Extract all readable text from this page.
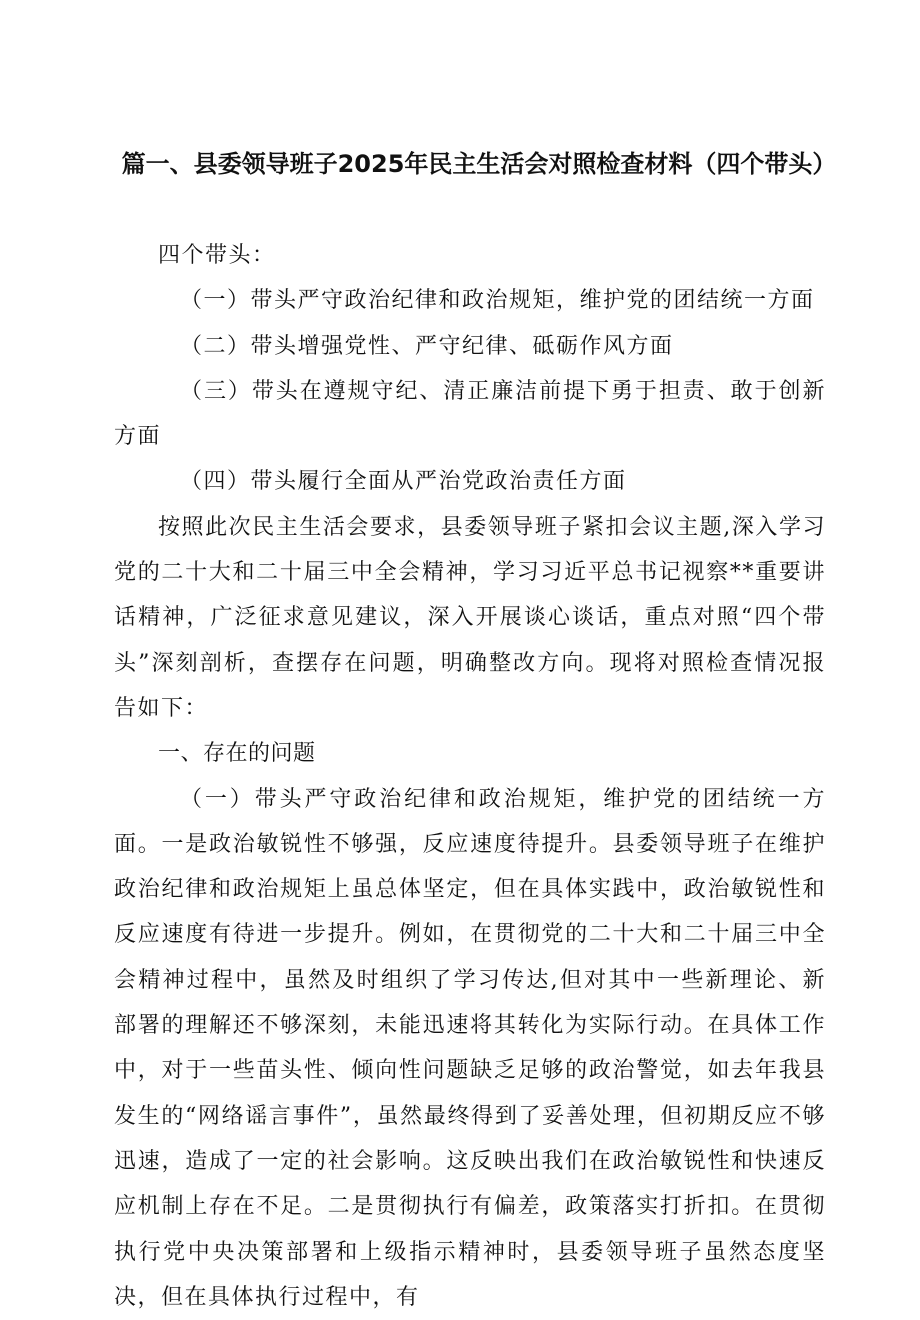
篇一、县委领导班子2025年民主生活会对照检查材料（四个带头）

四个带头：

（一）带头严守政治纪律和政治规矩，维护党的团结统一方面

（二）带头增强党性、严守纪律、砥砺作风方面

（三）带头在遵规守纪、清正廉洁前提下勇于担责、敢于创新方面

（四）带头履行全面从严治党政治责任方面

按照此次民主生活会要求，县委领导班子紧扣会议主题,深入学习党的二十大和二十届三中全会精神，学习习近平总书记视察**重要讲话精神，广泛征求意见建议，深入开展谈心谈话，重点对照“四个带头”深刻剖析，查摆存在问题，明确整改方向。现将对照检查情况报告如下：

一、存在的问题

（一）带头严守政治纪律和政治规矩，维护党的团结统一方面。一是政治敏锐性不够强，反应速度待提升。县委领导班子在维护政治纪律和政治规矩上虽总体坚定，但在具体实践中，政治敏锐性和反应速度有待进一步提升。例如，在贯彻党的二十大和二十届三中全会精神过程中，虽然及时组织了学习传达,但对其中一些新理论、新部署的理解还不够深刻，未能迅速将其转化为实际行动。在具体工作中，对于一些苗头性、倾向性问题缺乏足够的政治警觉，如去年我县发生的“网络谣言事件”，虽然最终得到了妥善处理，但初期反应不够迅速，造成了一定的社会影响。这反映出我们在政治敏锐性和快速反应机制上存在不足。二是贯彻执行有偏差，政策落实打折扣。在贯彻执行党中央决策部署和上级指示精神时，县委领导班子虽然态度坚决，但在具体执行过程中，有
